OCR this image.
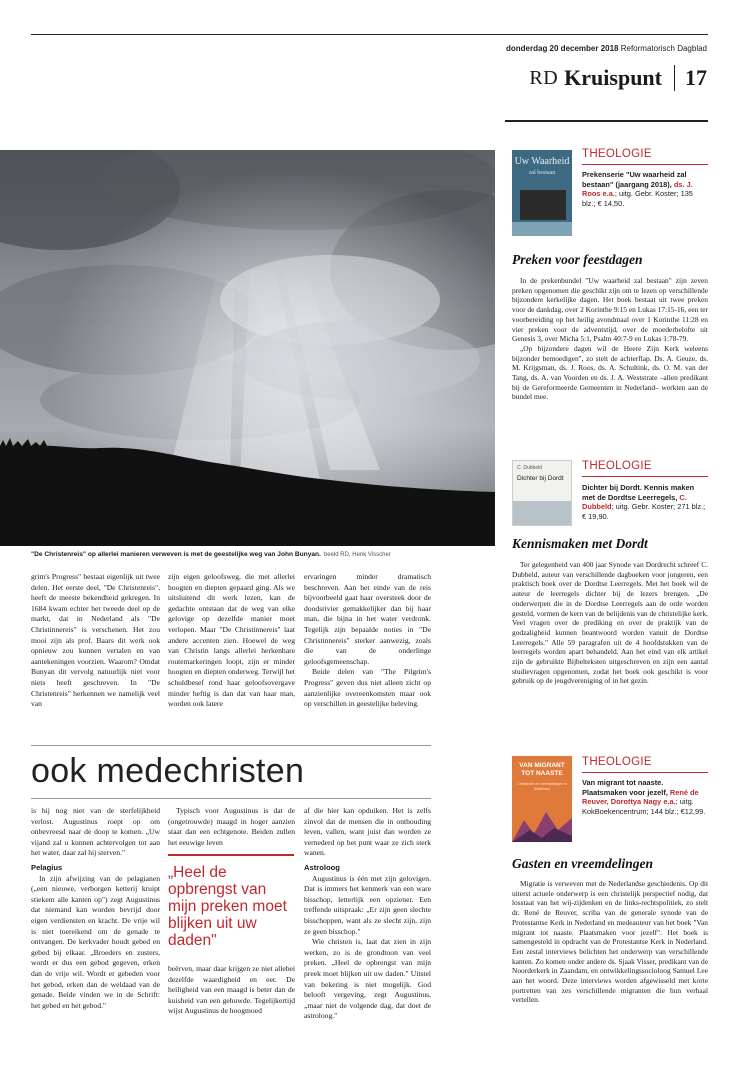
donderdag 20 december 2018 Reformatorisch Dagblad
RD Kruispunt 17
"De Christenreis" op allerlei manieren verweven is met de geestelijke weg van John Bunyan. beeld RD, Henk Visscher

grim's Progress" bestaat eigenlijk uit twee delen. Het eerste deel, "De Christenreis", heeft de meeste bekendheid gekregen. In 1684 kwam echter het tweede deel op de markt, dat in Nederland als "De Christinnereis" is verschenen. Het zou mooi zijn als prof. Baars dit werk ook opnieuw zou kunnen vertalen en van aantekeningen voorzien. Waarom? Omdat Bunyan dit vervolg natuurlijk niet voor niets heeft geschreven. In "De Christenreis" herkennen we namelijk veel van

zijn eigen geloofsweg, die met allerlei hoogten en diepten gepaard ging. Als we uitsluitend dit werk lezen, kan de gedachte ontstaan dat de weg van elke gelovige op dezelfde manier moet verlopen. Maar "De Christinnereis" laat andere accenten zien. Hoewel de weg van Christin langs allerlei herkenbare routemarkeringen loopt, zijn er minder hoogten en diepten onderweg. Terwijl het schuldbesef rond haar geloofsovergave minder heftig is dan dat van haar man, worden ook latere

ervaringen minder dramatisch beschreven. Aan het einde van de reis bijvoorbeeld gaat haar oversteek door de doodsrivier gemakkelijker dan bij haar man, die bijna in het water verdronk. Tegelijk zijn bepaalde noties in "De Christinnereis" sterker aanwezig, zoals die van de onderlinge geloofsgemeenschap.

Beide delen van "The Pilgrim's Progress" geven dus niet alleen zicht op aanzienlijke overeenkomsten maar ook op verschillen in geestelijke beleving.

ook medechristen

is hij nog niet van de sterfelijkheid verlost. Augustinus roept op om onbevreesd naar de doop te komen. „Uw vijand zal u kunnen achtervolgen tot aan het water, daar zal hij sterven."

Pelagius

In zijn afwijzing van de pelagianen („een nieuwe, verborgen ketterij kruipt stiekem alle kanten op") zegt Augustinus dat niemand kan worden bevrijd door eigen verdiensten en kracht. De vrije wil is niet toereikend om de genade te ontvangen. De kerkvader houdt gebed en gebed bij elkaar. „Broeders en zusters, wordt er dus een gebod gegeven, erken dan de vrije wil. Wordt er gebeden voor het gebod, erken dan de weldaad van de genade. Beide vinden we in de Schrift: het gebed en het gebod."

Typisch voor Augustinus is dat de (ongetrouwde) maagd in hoger aanzien staat dan een echtgenote. Beiden zullen het eeuwige leven

„Heel de opbrengst van mijn preken moet blijken uit uw daden"

beërven, maar daar krijgen ze niet allebei dezelfde waardigheid en eer. De heiligheid van een maagd is beter dan de kuisheid van een gehuwde. Tegelijkertijd wijst Augustinus de hoogmoed

af die hier kan opduiken. Het is zelfs zinvol dat de mensen die in onthouding leven, vallen, want juist dan worden ze vernederd op het punt waar ze zich sterk wanen.

Astroloog

Augustinus is één met zijn gelovigen. Dat is immers het kenmerk van een ware bisschop, letterlijk een opziener. Een treffende uitspraak: „Er zijn geen slechte bisschoppen, want als ze slecht zijn, zijn ze geen bisschop."

Wie christen is, laat dat zien in zijn werken, zo is de grondtoon van veel preken. „Heel de opbrengst van mijn preek moet blijken uit uw daden." Uitstel van bekering is niet mogelijk. God belooft vergeving, zegt Augustinus, „maar niet de volgende dag, dat doet de astroloog."

Uw Waarheid
zal bestaan
THEOLOGIE
Prekenserie "Uw waarheid zal bestaan" (jaargang 2018), ds. J. Roos e.a.; uitg. Gebr. Koster; 135 blz.; € 14,50.
Preken voor feestdagen

In de prekenbundel "Uw waarheid zal bestaan" zijn zeven preken opgenomen die geschikt zijn om te lezen op verschillende bijzondere kerkelijke dagen. Het boek bestaat uit twee preken voor de dankdag, over 2 Korinthe 9:15 en Lukas 17:15-16, een ter voorbereiding op het heilig avondmaal over 1 Korinthe 11:28 en vier preken voor de adventstijd, over de moederbelofte uit Genesis 3, over Micha 5:1, Psalm 40:7-9 en Lukas 1:78-79.

„Op bijzondere dagen wil de Heere Zijn Kerk weleens bijzonder bemoedigen", zo stelt de achterflap. Ds. A. Geuze, ds. M. Krijgsman, ds. J. Roos, ds. A. Schultink, ds. O. M. van der Tang, ds. A. van Voorden en ds. J. A. Weststrate –allen predikant bij de Gereformeerde Gemeenten in Nederland– werkten aan de bundel mee.

C. Dubbeld
Dichter bij Dordt
THEOLOGIE
Dichter bij Dordt. Kennis maken met de Dordtse Leerregels, C. Dubbeld; uitg. Gebr. Koster; 271 blz.; € 19,90.
Kennismaken met Dordt

Ter gelegenheid van 400 jaar Synode van Dordrecht schreef C. Dubbeld, auteur van verschillende dagboeken voor jongeren, een praktisch boek over de Dordtse Leerregels. Met het boek wil de auteur de leerregels dichter bij de lezers brengen. „De onderwerpen die in de Dordtse Leerregels aan de orde worden gesteld, vormen de kern van de belijdenis van de christelijke kerk. Veel vragen over de prediking en over de praktijk van de godzaligheid kunnen beantwoord worden vanuit de Dordtse Leerregels." Alle 59 paragrafen uit de 4 hoofdstukken van de leerregels worden apart behandeld. Aan het eind van elk artikel zijn de gebruikte Bijbelteksten uitgeschreven en zijn een aantal studievragen opgenomen, zodat het boek ook geschikt is voor gebruik op de jeugdvereniging of in het gezin.

VAN MIGRANT TOT NAASTE
Christenen en vreemdelingen in Nederland
THEOLOGIE
Van migrant tot naaste. Plaatsmaken voor jezelf, René de Reuver, Dorottya Nagy e.a.; uitg. KokBoekencentrum; 144 blz.; €12,99.
Gasten en vreemdelingen

Migratie is verweven met de Nederlandse geschiedenis. Op dit uiterst actuele onderwerp is een christelijk perspectief nodig, dat losstaat van het wij-zijdenken en de links-rechtspolitiek, zo stelt dr. René de Reuver, scriba van de generale synode van de Protestantse Kerk in Nederland en medeauteur van het boek "Van migrant tot naaste. Plaatsmaken voor jezelf". Het boek is samengesteld in opdracht van de Protestantse Kerk in Nederland. Een zestal interviews belichten het onderwerp van verschillende kanten. Zo komen onder andere ds. Sjaak Visser, predikant van de Noorderkerk in Zaandam, en ontwikkelingssocioloog Samuel Lee aan het woord. Deze interviews worden afgewisseld met korte portretten van zes verschillende migranten die hun verhaal vertellen.
